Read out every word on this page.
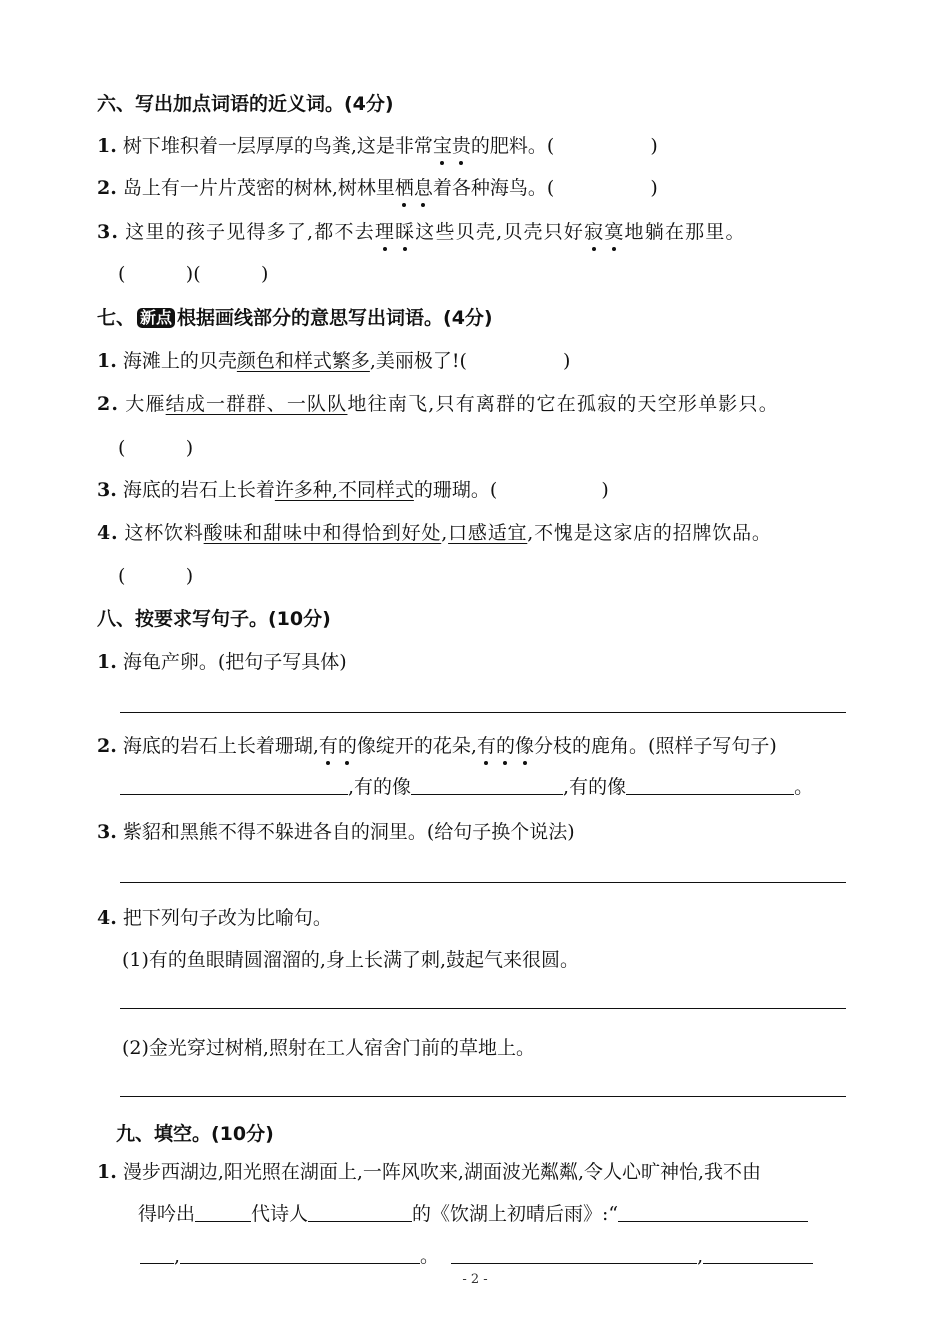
六、写出加点词语的近义词。(4分)
1. 树下堆积着一层厚厚的鸟粪,这是非常宝贵的肥料。(	)
2. 岛上有一片片茂密的树林,树林里栖息着各种海鸟。(	)
3. 这里的孩子见得多了,都不去理睬这些贝壳,贝壳只好寂寞地躺在那里。
(          )(          )
七、 新点 根据画线部分的意思写出词语。(4分)
1. 海滩上的贝壳颜色和样式繁多,美丽极了!(	)
2. 大雁结成一群群、一队队地往南飞,只有离群的它在孤寂的天空形单影只。
(          )
3. 海底的岩石上长着许多种,不同样式的珊瑚。(	)
4. 这杯饮料酸味和甜味中和得恰到好处,口感适宜,不愧是这家店的招牌饮品。
(          )
八、按要求写句子。(10分)
1. 海龟产卵。(把句子写具体)
2. 海底的岩石上长着珊瑚,有的像绽开的花朵,有的像分枝的鹿角。(照样子写句子)
,有的像	,有的像	。
3. 紫貂和黑熊不得不躲进各自的洞里。(给句子换个说法)
4. 把下列句子改为比喻句。
(1)有的鱼眼睛圆溜溜的,身上长满了刺,鼓起气来很圆。
(2)金光穿过树梢,照射在工人宿舍门前的草地上。
九、填空。(10分)
1. 漫步西湖边,阳光照在湖面上,一阵风吹来,湖面波光粼粼,令人心旷神怡,我不由
得吟出	代诗人	的《饮湖上初晴后雨》:“
,	。	,
- 2 -
